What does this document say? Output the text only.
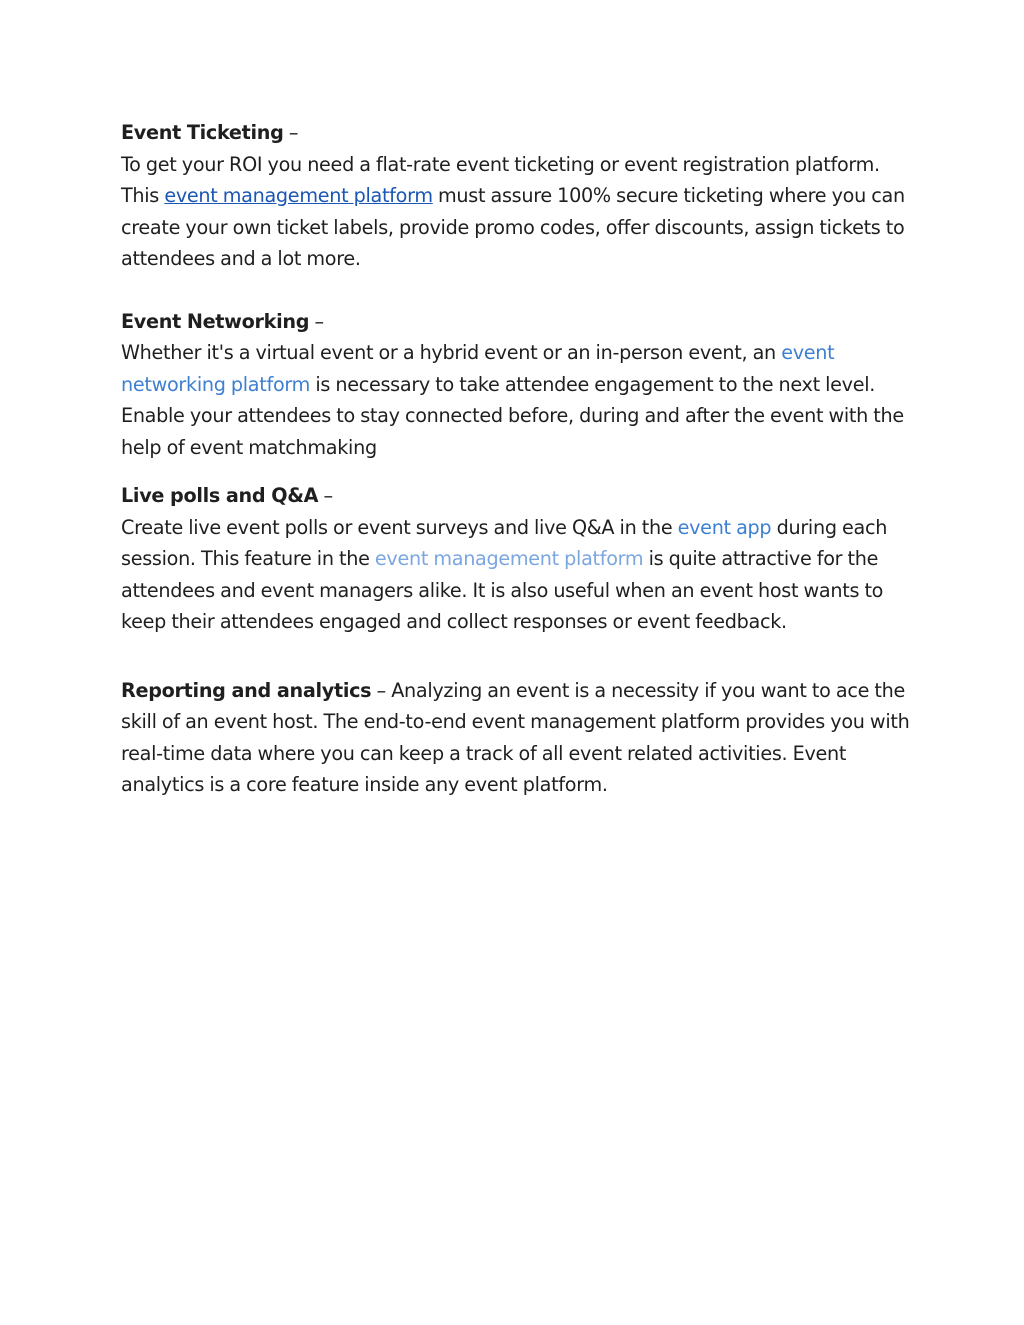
Event Ticketing –

To get your ROI you need a flat-rate event ticketing or event registration platform. This event management platform must assure 100% secure ticketing where you can create your own ticket labels, provide promo codes, offer discounts, assign tickets to attendees and a lot more.

Event Networking –

Whether it's a virtual event or a hybrid event or an in-person event, an event networking platform is necessary to take attendee engagement to the next level. Enable your attendees to stay connected before, during and after the event with the help of event matchmaking

Live polls and Q&A –

Create live event polls or event surveys and live Q&A in the event app during each session. This feature in the event management platform is quite attractive for the attendees and event managers alike. It is also useful when an event host wants to keep their attendees engaged and collect responses or event feedback.

Reporting and analytics – Analyzing an event is a necessity if you want to ace the skill of an event host. The end-to-end event management platform provides you with real-time data where you can keep a track of all event related activities. Event analytics is a core feature inside any event platform.
